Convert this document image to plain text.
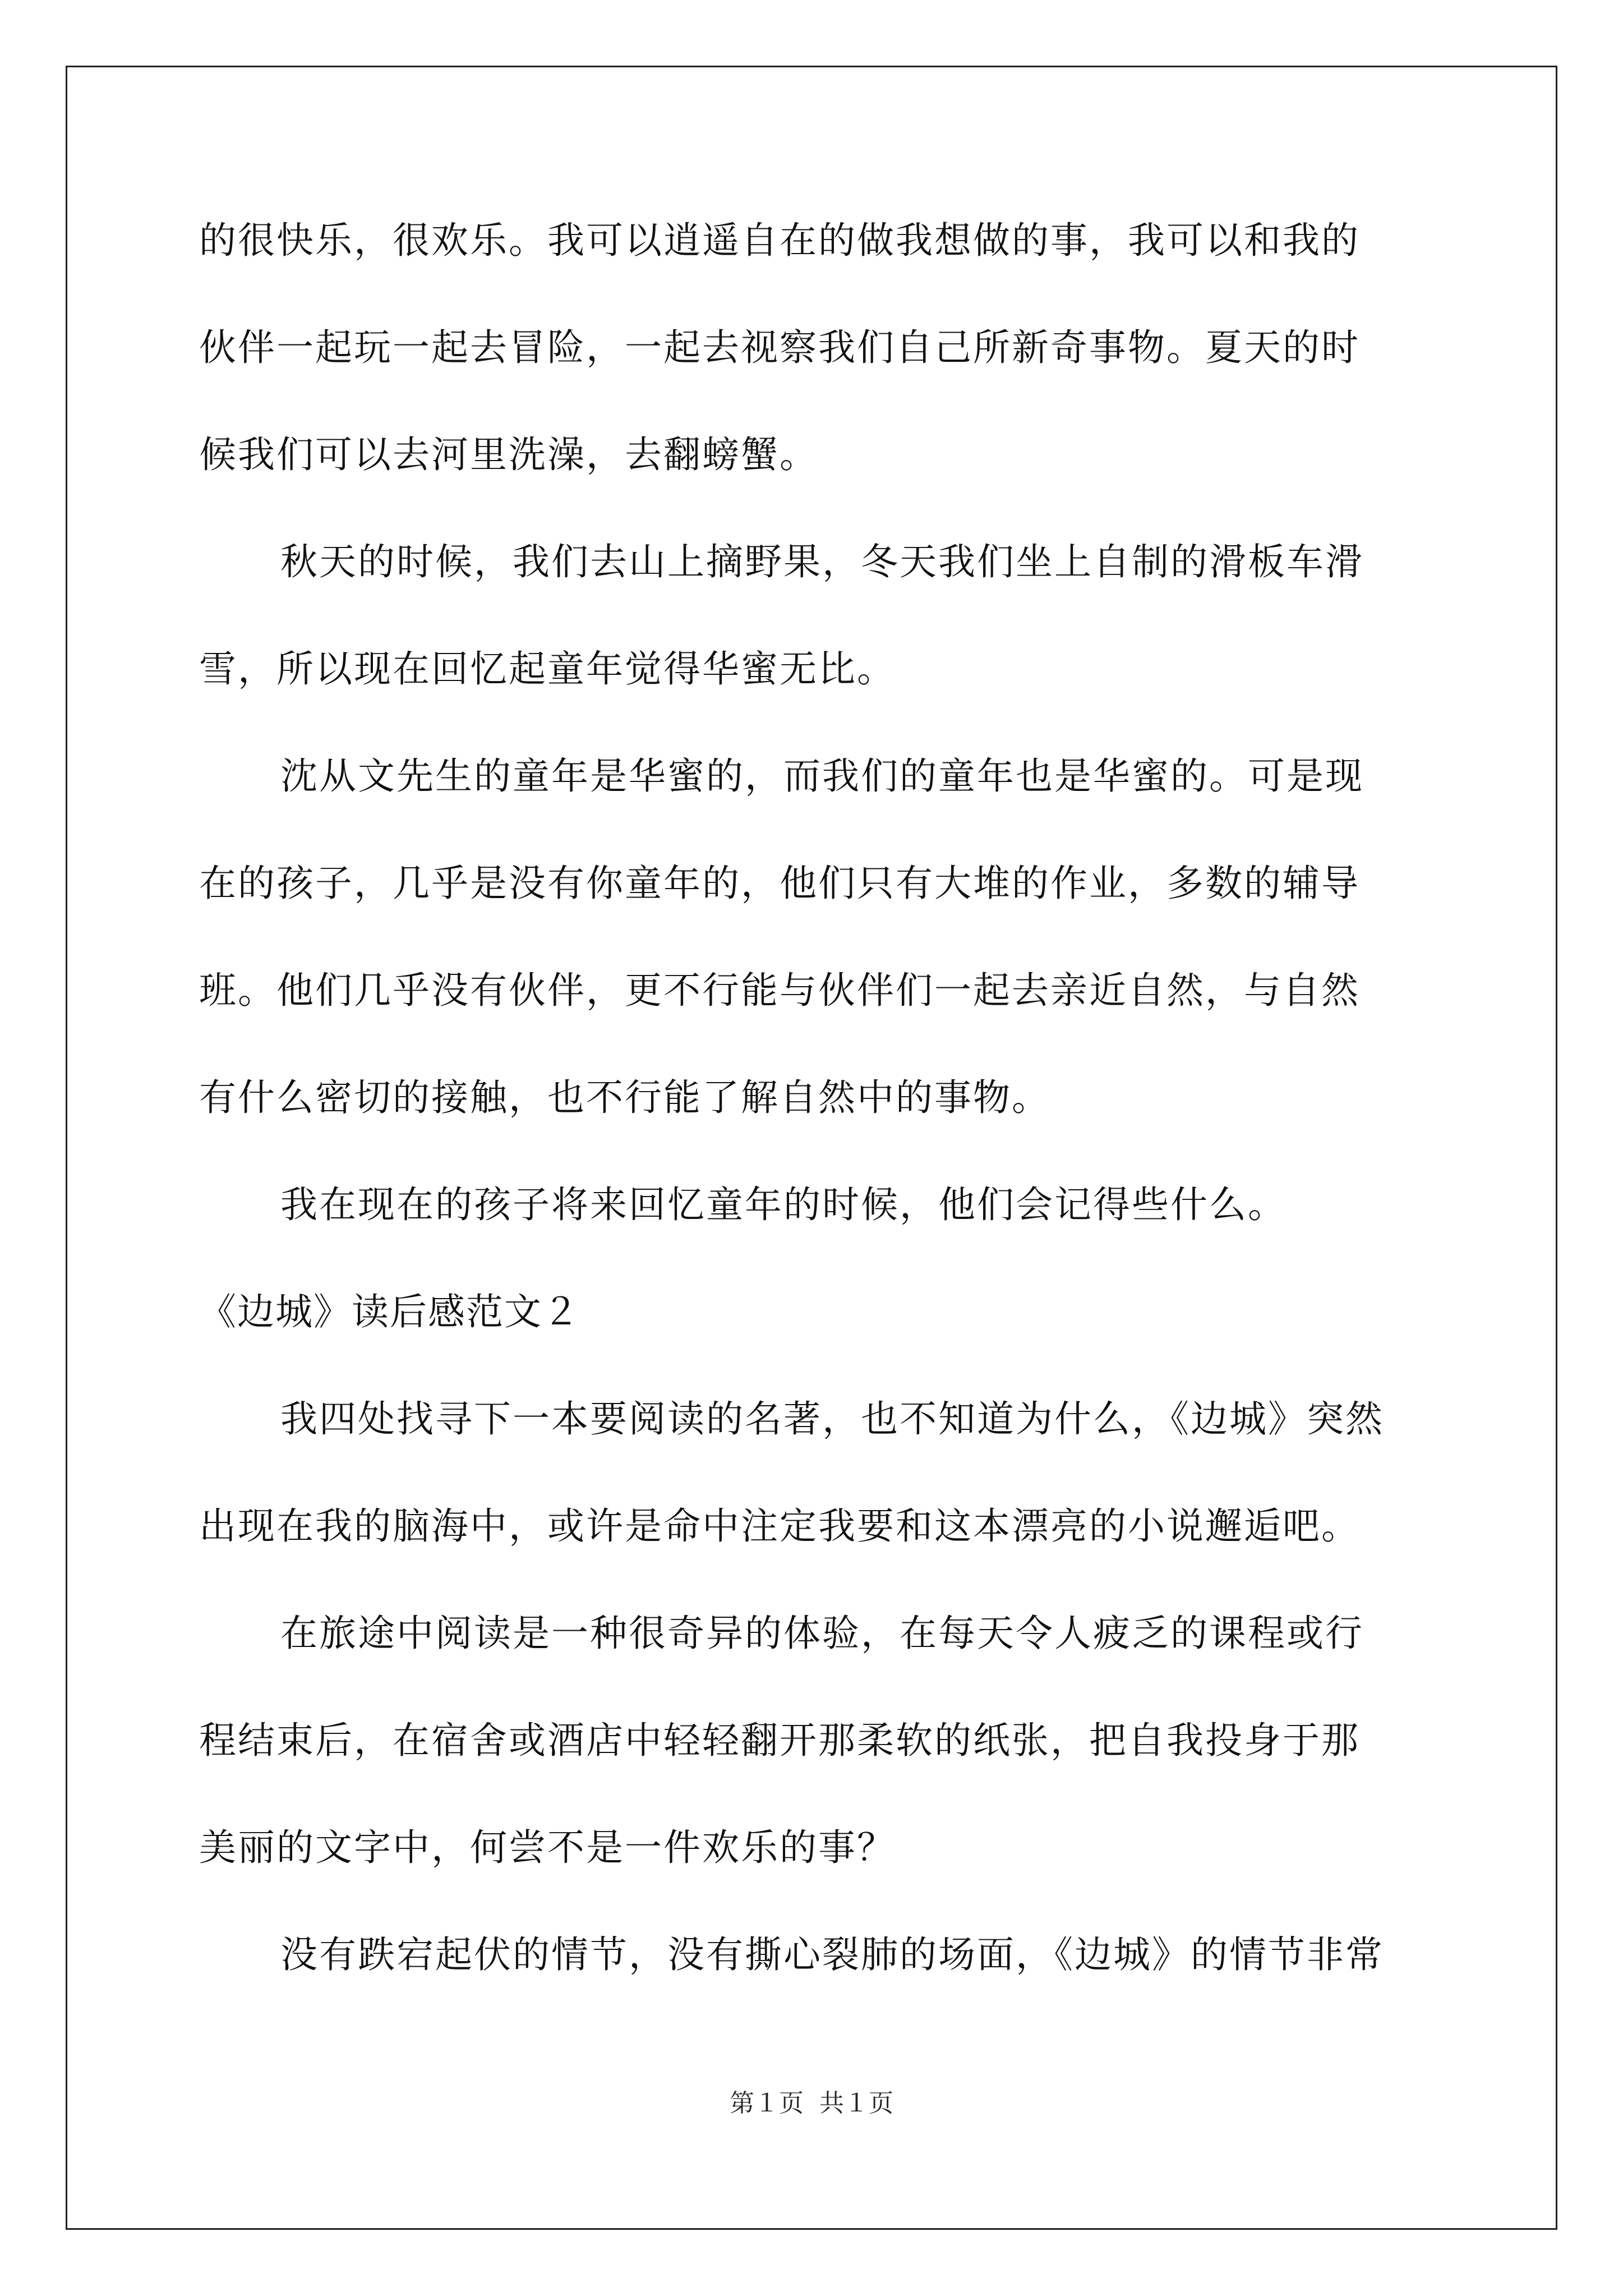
的很快乐，很欢乐。我可以逍遥自在的做我想做的事，我可以和我的
伙伴一起玩一起去冒险，一起去视察我们自己所新奇事物。夏天的时
候我们可以去河里洗澡，去翻螃蟹。
秋天的时候，我们去山上摘野果，冬天我们坐上自制的滑板车滑
雪，所以现在回忆起童年觉得华蜜无比。
沈从文先生的童年是华蜜的，而我们的童年也是华蜜的。可是现
在的孩子，几乎是没有你童年的，他们只有大堆的作业，多数的辅导
班。他们几乎没有伙伴，更不行能与伙伴们一起去亲近自然，与自然
有什么密切的接触，也不行能了解自然中的事物。
我在现在的孩子将来回忆童年的时候，他们会记得些什么。
《边城》读后感范文２
我四处找寻下一本要阅读的名著，也不知道为什么，《边城》突然
出现在我的脑海中，或许是命中注定我要和这本漂亮的小说邂逅吧。
在旅途中阅读是一种很奇异的体验，在每天令人疲乏的课程或行
程结束后，在宿舍或酒店中轻轻翻开那柔软的纸张，把自我投身于那
美丽的文字中，何尝不是一件欢乐的事？
没有跌宕起伏的情节，没有撕心裂肺的场面，《边城》的情节非常
第１页 共１页
